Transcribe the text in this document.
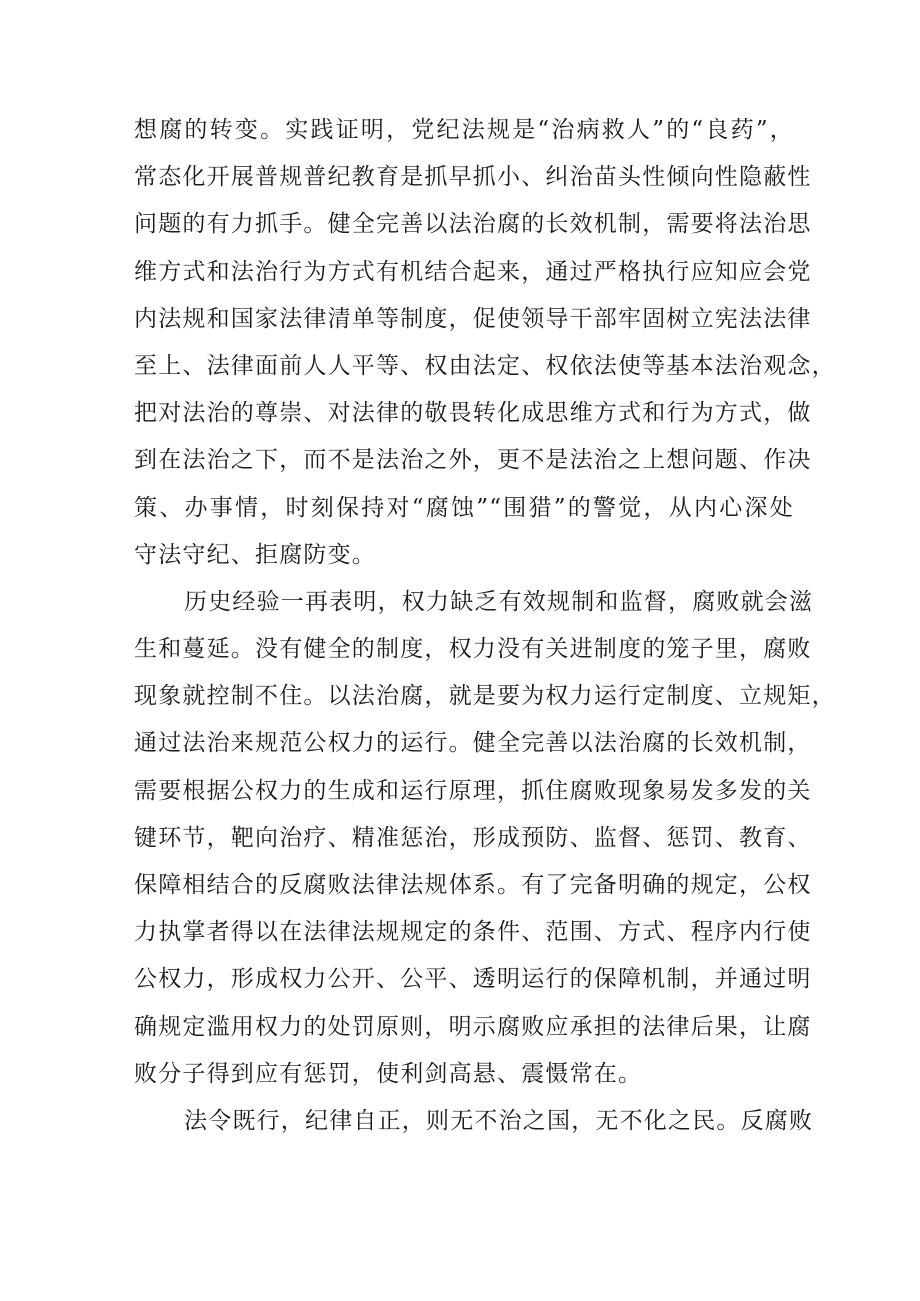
想腐的转变。实践证明，党纪法规是“治病救人”的“良药”，
常态化开展普规普纪教育是抓早抓小、纠治苗头性倾向性隐蔽性
问题的有力抓手。健全完善以法治腐的长效机制，需要将法治思
维方式和法治行为方式有机结合起来，通过严格执行应知应会党
内法规和国家法律清单等制度，促使领导干部牢固树立宪法法律
至上、法律面前人人平等、权由法定、权依法使等基本法治观念，
把对法治的尊崇、对法律的敬畏转化成思维方式和行为方式，做
到在法治之下，而不是法治之外，更不是法治之上想问题、作决
策、办事情，时刻保持对“腐蚀”“围猎”的警觉，从内心深处
守法守纪、拒腐防变。
历史经验一再表明，权力缺乏有效规制和监督，腐败就会滋
生和蔓延。没有健全的制度，权力没有关进制度的笼子里，腐败
现象就控制不住。以法治腐，就是要为权力运行定制度、立规矩，
通过法治来规范公权力的运行。健全完善以法治腐的长效机制，
需要根据公权力的生成和运行原理，抓住腐败现象易发多发的关
键环节，靶向治疗、精准惩治，形成预防、监督、惩罚、教育、
保障相结合的反腐败法律法规体系。有了完备明确的规定，公权
力执掌者得以在法律法规规定的条件、范围、方式、程序内行使
公权力，形成权力公开、公平、透明运行的保障机制，并通过明
确规定滥用权力的处罚原则，明示腐败应承担的法律后果，让腐
败分子得到应有惩罚，使利剑高悬、震慑常在。
法令既行，纪律自正，则无不治之国，无不化之民。反腐败
